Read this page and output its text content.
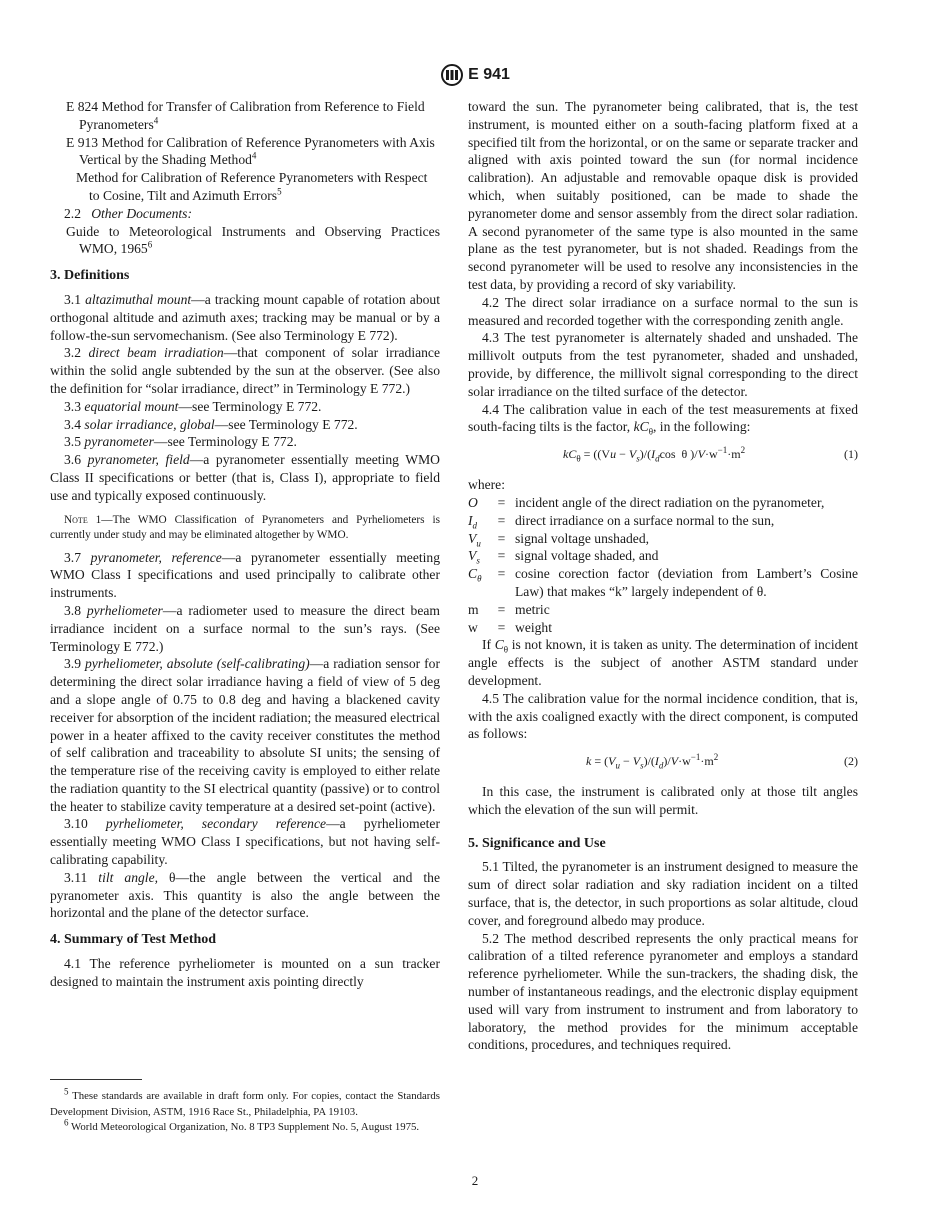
E 941

E 824 Method for Transfer of Calibration from Reference to Field Pyranometers$^4$

E 913 Method for Calibration of Reference Pyranometers with Axis Vertical by the Shading Method$^4$

Method for Calibration of Reference Pyranometers with Respect to Cosine, Tilt and Azimuth Errors$^5$

2.2 Other Documents:

Guide to Meteorological Instruments and Observing Practices WMO, 1965$^6$

3. Definitions

3.1 altazimuthal mount—a tracking mount capable of rotation about orthogonal altitude and azimuth axes; tracking may be manual or by a follow-the-sun servomechanism. (See also Terminology E 772).

3.2 direct beam irradiation—that component of solar irradiance within the solid angle subtended by the sun at the observer. (See also the definition for “solar irradiance, direct” in Terminology E 772.)

3.3 equatorial mount—see Terminology E 772.

3.4 solar irradiance, global—see Terminology E 772.

3.5 pyranometer—see Terminology E 772.

3.6 pyranometer, field—a pyranometer essentially meeting WMO Class II specifications or better (that is, Class I), appropriate to field use and typically exposed continuously.

Note 1—The WMO Classification of Pyranometers and Pyrheliometers is currently under study and may be eliminated altogether by WMO.

3.7 pyranometer, reference—a pyranometer essentially meeting WMO Class I specifications and used principally to calibrate other instruments.

3.8 pyrheliometer—a radiometer used to measure the direct beam irradiance incident on a surface normal to the sun’s rays. (See Terminology E 772.)

3.9 pyrheliometer, absolute (self-calibrating)—a radiation sensor for determining the direct solar irradiance having a field of view of 5 deg and a slope angle of 0.75 to 0.8 deg and having a blackened cavity receiver for absorption of the incident radiation; the measured electrical power in a heater affixed to the cavity receiver constitutes the method of self calibration and traceability to absolute SI units; the sensing of the temperature rise of the receiving cavity is employed to either relate the radiation quantity to the SI electrical quantity (passive) or to control the heater to stabilize cavity temperature at a desired set-point (active).

3.10 pyrheliometer, secondary reference—a pyrheliometer essentially meeting WMO Class I specifications, but not having self-calibrating capability.

3.11 tilt angle, θ—the angle between the vertical and the pyranometer axis. This quantity is also the angle between the horizontal and the plane of the detector surface.

4. Summary of Test Method

4.1 The reference pyrheliometer is mounted on a sun tracker designed to maintain the instrument axis pointing directly

$^5$ These standards are available in draft form only. For copies, contact the Standards Development Division, ASTM, 1916 Race St., Philadelphia, PA 19103.

$^6$ World Meteorological Organization, No. 8 TP3 Supplement No. 5, August 1975.

toward the sun. The pyranometer being calibrated, that is, the test instrument, is mounted either on a south-facing platform fixed at a specified tilt from the horizontal, or on the same or separate tracker and aligned with axis pointed toward the sun (for normal incidence calibration). An adjustable and removable opaque disk is provided which, when suitably positioned, can be made to shade the pyranometer dome and sensor assembly from the direct solar radiation. A second pyranometer of the same type is also mounted in the same plane as the test pyranometer, but is not shaded. Readings from the second pyranometer will be used to resolve any inconsistencies in the test data, by providing a record of sky variability.

4.2 The direct solar irradiance on a surface normal to the sun is measured and recorded together with the corresponding zenith angle.

4.3 The test pyranometer is alternately shaded and unshaded. The millivolt outputs from the test pyranometer, shaded and unshaded, provide, by difference, the millivolt signal corresponding to the direct solar irradiance on the tilted surface of the detector.

4.4 The calibration value in each of the test measurements at fixed south-facing tilts is the factor, $kC_\theta$, in the following:

$kC_\theta = ((Vu - V_s)/(I_d\cos$  θ )$/V\cdot w^{-1}\cdot m^2$	(1)

where:

O	=	incident angle of the direct radiation on the pyranometer,
$I_d$	=	direct irradiance on a surface normal to the sun,
$V_u$	=	signal voltage unshaded,
$V_s$	=	signal voltage shaded, and
$C_\theta$	=	cosine corection factor (deviation from Lambert’s Cosine Law) that makes “k” largely independent of θ.
m	=	metric
w	=	weight

If $C_\theta$ is not known, it is taken as unity. The determination of incident angle effects is the subject of another ASTM standard under development.

4.5 The calibration value for the normal incidence condition, that is, with the axis coaligned exactly with the direct component, is computed as follows:

$k = (V_u - V_s)/(I_d)/V\cdot w^{-1}\cdot m^2$	(2)

In this case, the instrument is calibrated only at those tilt angles which the elevation of the sun will permit.

5. Significance and Use

5.1 Tilted, the pyranometer is an instrument designed to measure the sum of direct solar radiation and sky radiation incident on a tilted surface, that is, the detector, in such proportions as solar altitude, cloud cover, and foreground albedo may produce.

5.2 The method described represents the only practical means for calibration of a tilted reference pyranometer and employs a standard reference pyrheliometer. While the sun-trackers, the shading disk, the number of instantaneous readings, and the electronic display equipment used will vary from instrument to instrument and from laboratory to laboratory, the method provides for the minimum acceptable conditions, procedures, and techniques required.

2
